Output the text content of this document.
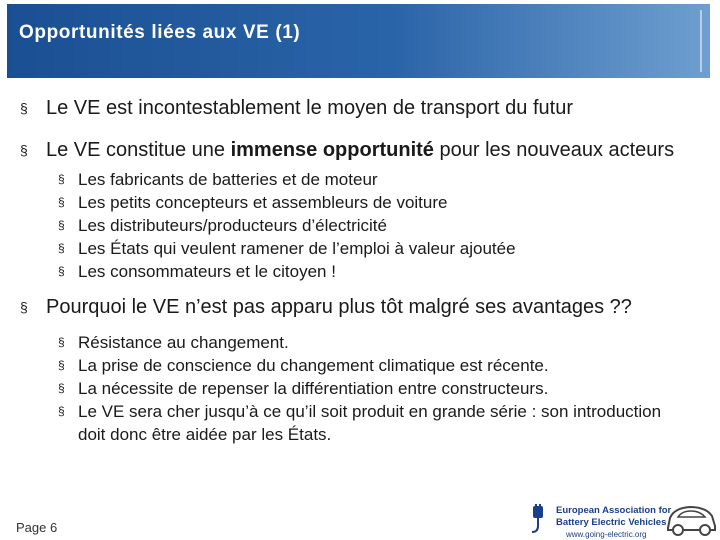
Opportunités liées aux VE (1)
§ Le VE est incontestablement le moyen de transport du futur
§ Le VE constitue une immense opportunité pour les nouveaux acteurs
§ Les fabricants de batteries et de moteur
§ Les petits concepteurs et assembleurs de voiture
§ Les distributeurs/producteurs d’électricité
§ Les États qui veulent ramener de l’emploi à valeur ajoutée
§ Les consommateurs et le citoyen !
§ Pourquoi le VE n’est pas apparu plus tôt malgré ses avantages ??
§ Résistance au changement.
§ La prise de conscience du changement climatique est récente.
§ La nécessite de repenser la différentiation entre constructeurs.
§ Le VE sera cher jusqu’à ce qu’il soit produit en grande série : son introduction doit donc être aidée par les États.
Page 6
European Association for
Battery Electric Vehicles
www.going-electric.org
